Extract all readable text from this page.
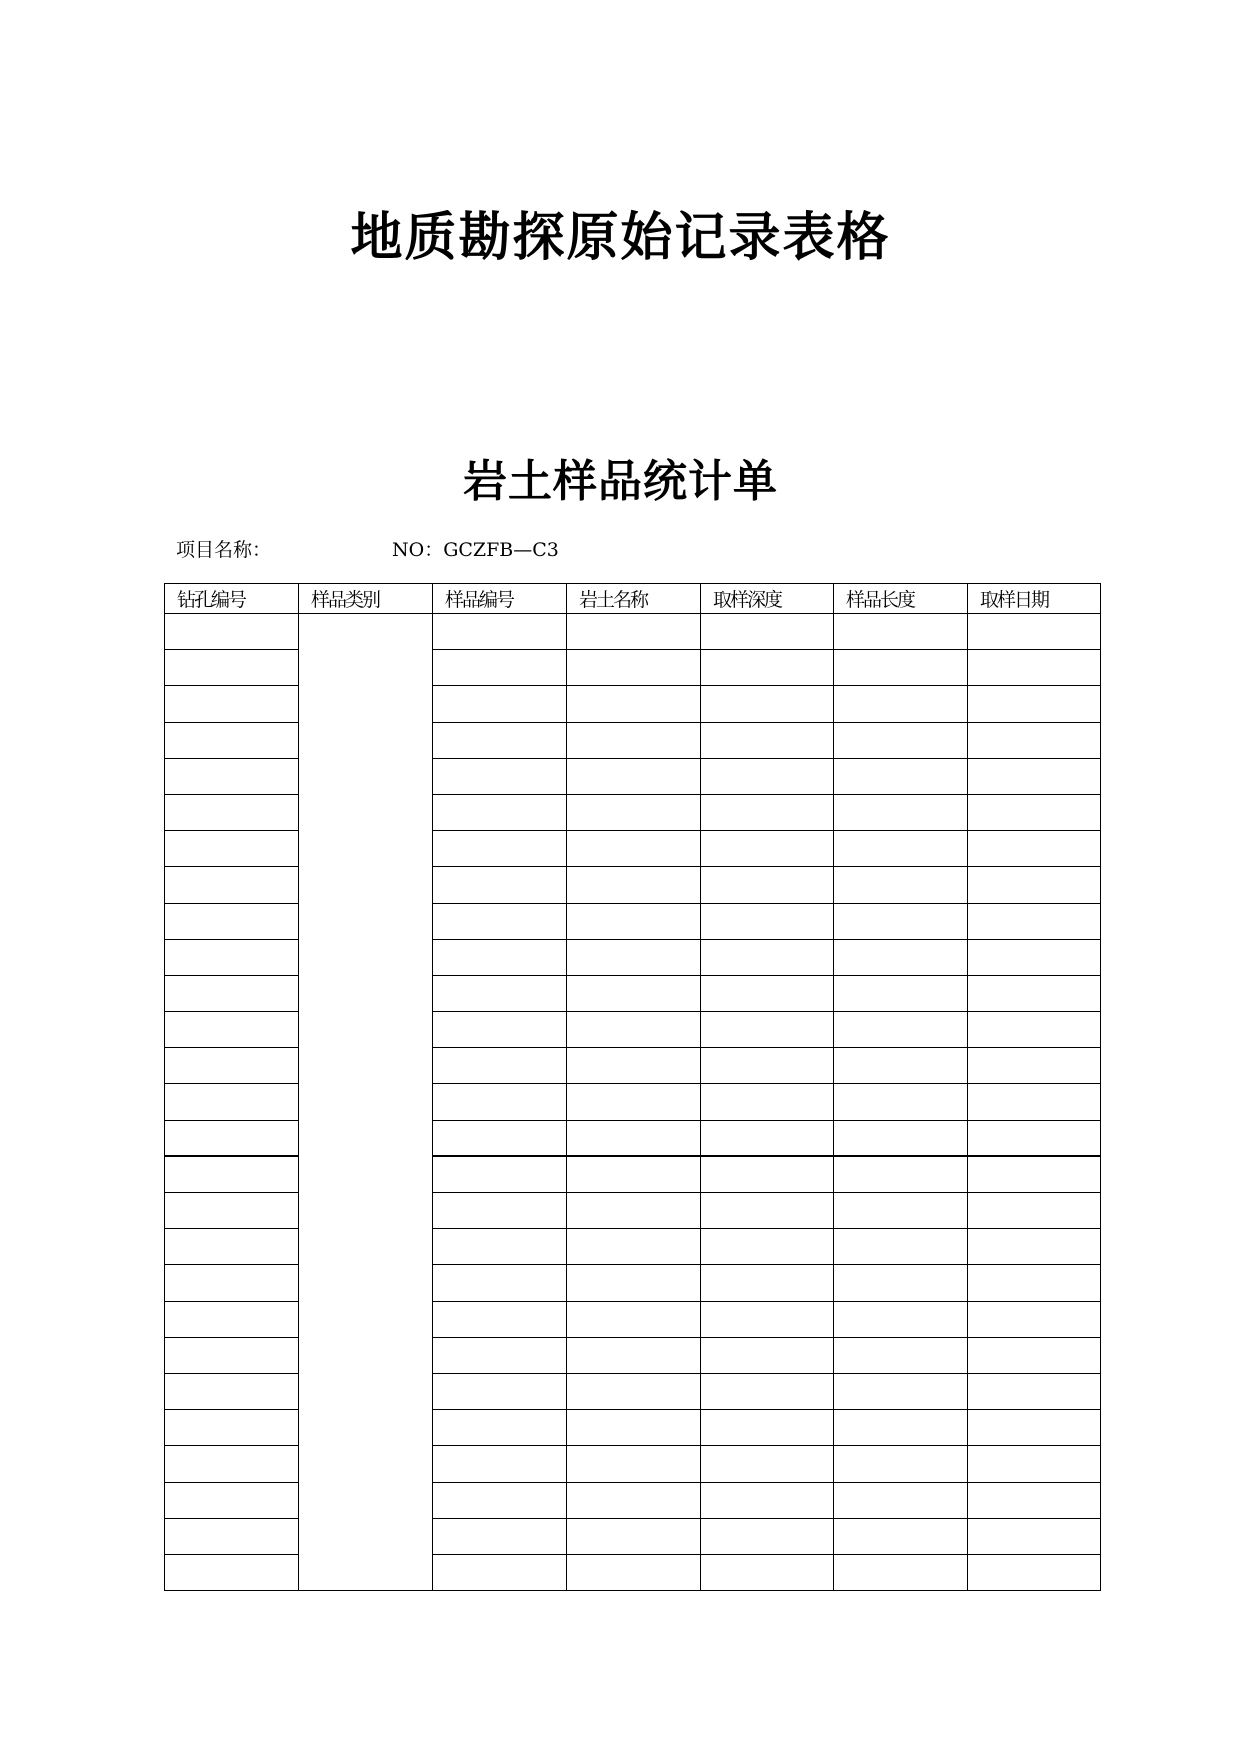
地质勘探原始记录表格
岩土样品统计单
项目名称：	NO：GCZFB—C3
钻孔编号	样品类别	样品编号	岩土名称	取样深度	样品长度	取样日期
